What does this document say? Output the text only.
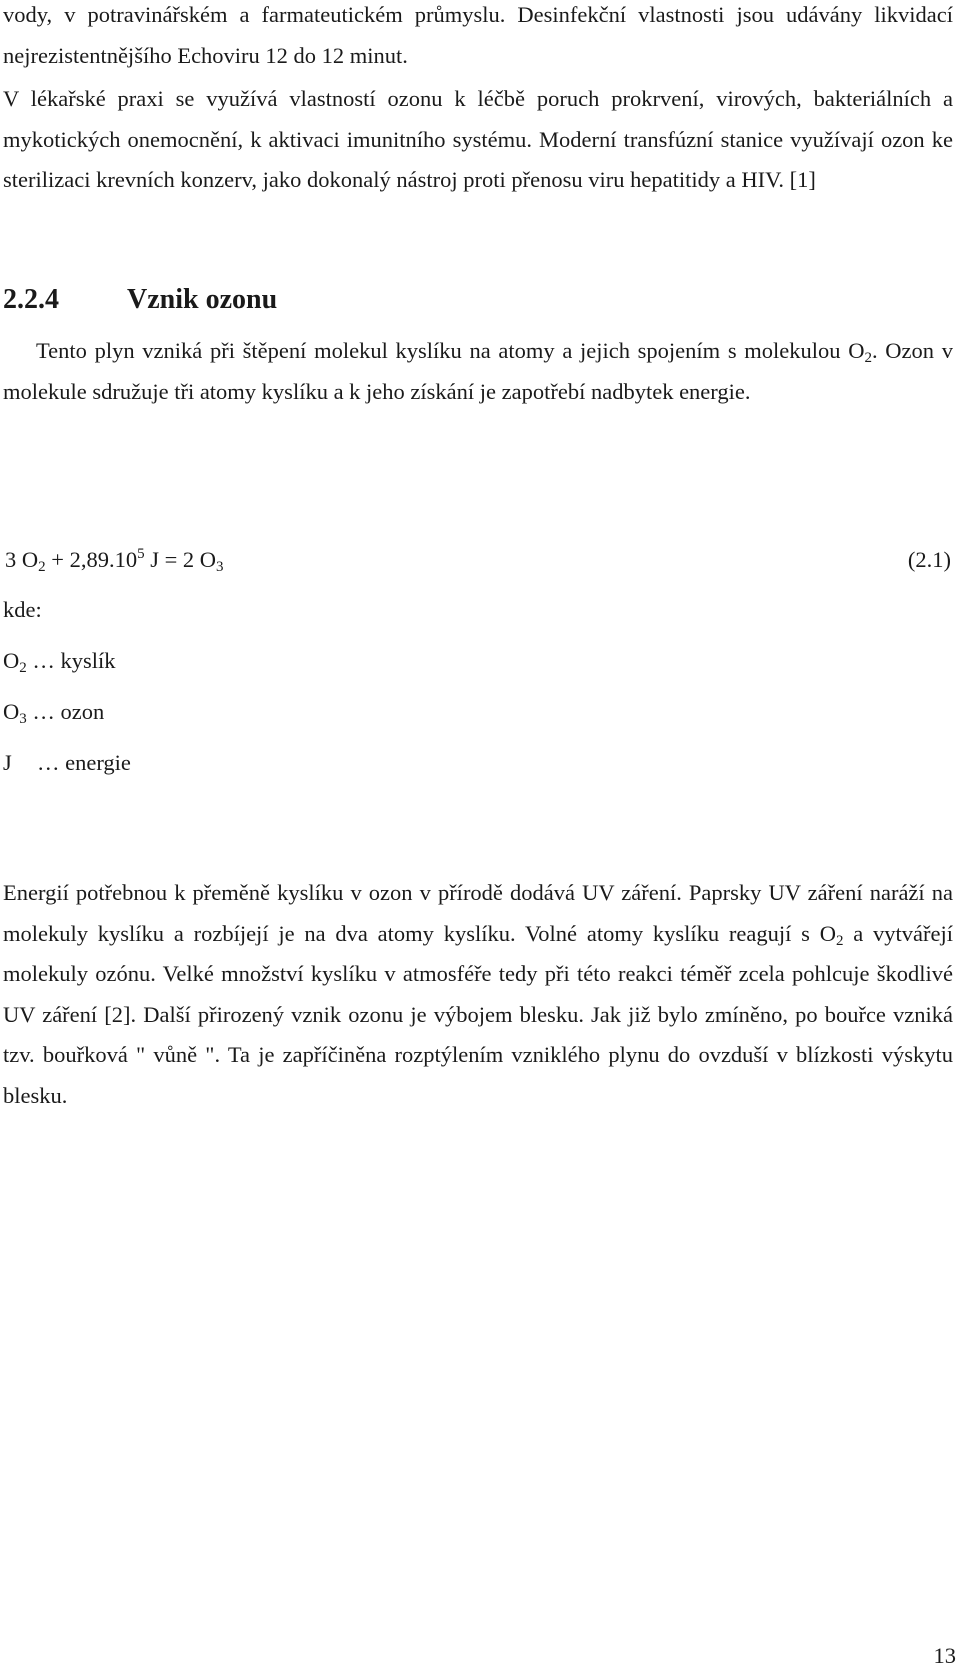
vody, v potravinářském a farmateutickém průmyslu. Desinfekční vlastnosti jsou udávány likvidací nejrezistentnějšího Echoviru 12 do 12 minut.

V lékařské praxi se využívá vlastností ozonu k léčbě poruch prokrvení, virových, bakteriálních a mykotických onemocnění, k aktivaci imunitního systému. Moderní transfúzní stanice využívají ozon ke sterilizaci krevních konzerv, jako dokonalý nástroj proti přenosu viru hepatitidy a HIV. [1]

2.2.4 Vznik ozonu

Tento plyn vzniká při štěpení molekul kyslíku na atomy a jejich spojením s molekulou $O_2$. Ozon v molekule sdružuje tři atomy kyslíku a k jeho získání je zapotřebí nadbytek energie.

3 $O_2 + 2,89.10^5$ J = 2 $O_3$	(2.1)

kde:

$O_2$ … kyslík

$O_3$ … ozon

J … energie

Energií potřebnou k přeměně kyslíku v ozon v přírodě dodává UV záření. Paprsky UV záření naráží na molekuly kyslíku a rozbíjejí je na dva atomy kyslíku. Volné atomy kyslíku reagují s $O_2$ a vytvářejí molekuly ozónu. Velké množství kyslíku v atmosféře tedy při této reakci téměř zcela pohlcuje škodlivé UV záření [2]. Další přirozený vznik ozonu je výbojem blesku. Jak již bylo zmíněno, po bouřce vzniká tzv. bouřková " vůně ". Ta je zapříčiněna rozptýlením vzniklého plynu do ovzduší v blízkosti výskytu blesku.

13
